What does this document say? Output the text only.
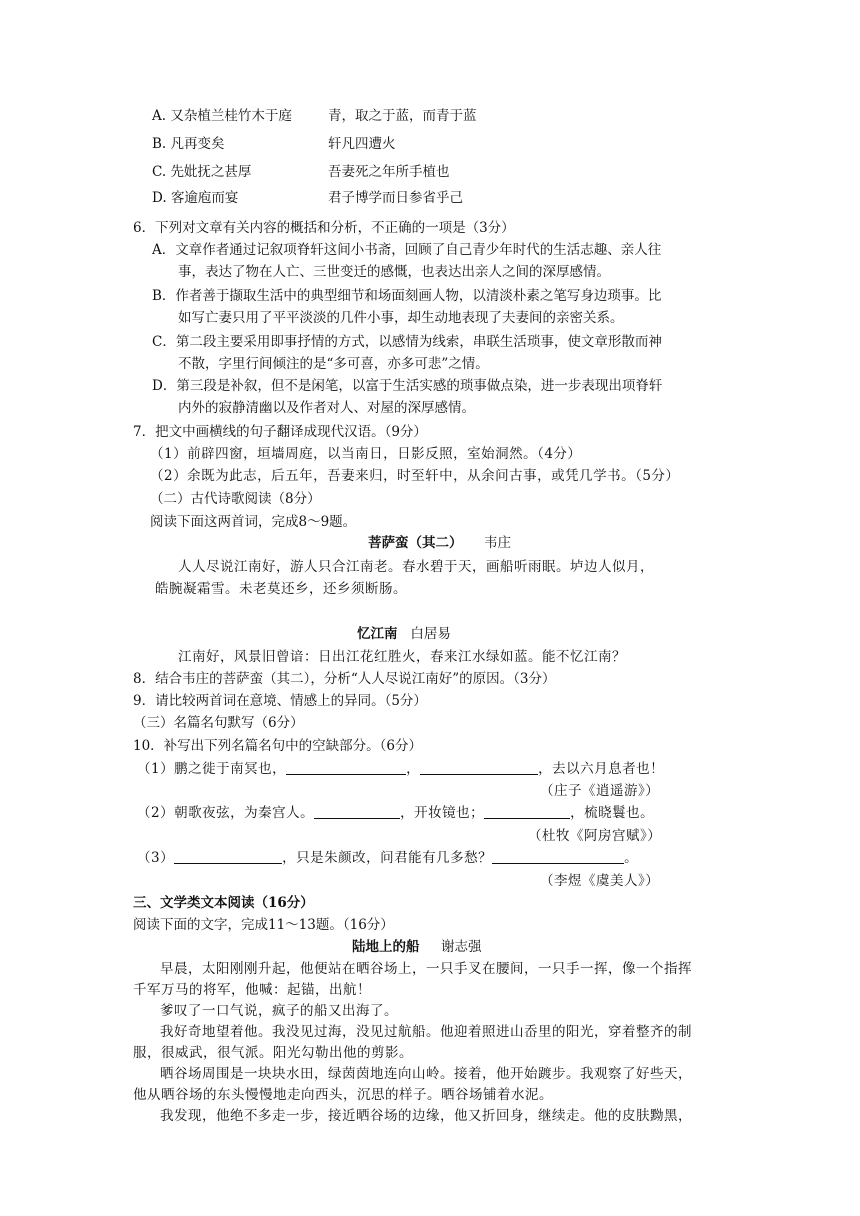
A. 又杂植兰桂竹木于庭	青，取之于蓝，而青于蓝
B. 凡再变矣	轩凡四遭火
C. 先妣抚之甚厚	吾妻死之年所手植也
D. 客逾庖而宴	君子博学而日参省乎己
6．下列对文章有关内容的概括和分析，不正确的一项是（3分）
A．文章作者通过记叙项脊轩这间小书斋，回顾了自己青少年时代的生活志趣、亲人往
事，表达了物在人亡、三世变迁的感慨，也表达出亲人之间的深厚感情。
B．作者善于撷取生活中的典型细节和场面刻画人物，以清淡朴素之笔写身边琐事。比
如写亡妻只用了平平淡淡的几件小事，却生动地表现了夫妻间的亲密关系。
C．第二段主要采用即事抒情的方式，以感情为线索，串联生活琐事，使文章形散而神
不散，字里行间倾注的是“多可喜，亦多可悲”之情。
D．第三段是补叙，但不是闲笔，以富于生活实感的琐事做点染，进一步表现出项脊轩
内外的寂静清幽以及作者对人、对屋的深厚感情。
7．把文中画横线的句子翻译成现代汉语。（9分）
（1）前辟四窗，垣墙周庭，以当南日，日影反照，室始洞然。（4分）
（2）余既为此志，后五年，吾妻来归，时至轩中，从余问古事，或凭几学书。（5分）
（二）古代诗歌阅读（8分）
阅读下面这两首词，完成8～9题。
菩萨蛮（其二） 韦庄
人人尽说江南好，游人只合江南老。春水碧于天，画船听雨眠。垆边人似月，
皓腕凝霜雪。未老莫还乡，还乡须断肠。
忆江南 白居易
江南好，风景旧曾谙：日出江花红胜火，春来江水绿如蓝。能不忆江南？
8．结合韦庄的菩萨蛮（其二），分析“人人尽说江南好”的原因。（3分）
9．请比较两首词在意境、情感上的异同。（5分）
（三）名篇名句默写（6分）
10．补写出下列名篇名句中的空缺部分。（6分）
（1）鹏之徙于南冥也，	，	，去以六月息者也！
（庄子《逍遥游》）
（2）朝歌夜弦，为秦宫人。	，开妆镜也；	，梳晓鬟也。
（杜牧《阿房宫赋》）
（3）	，只是朱颜改，问君能有几多愁？	。
（李煜《虞美人》）
三、文学类文本阅读（16分）
阅读下面的文字，完成11～13题。（16分）
陆地上的船 谢志强
早晨，太阳刚刚升起，他便站在晒谷场上，一只手叉在腰间，一只手一挥，像一个指挥
千军万马的将军，他喊：起锚，出航！
爹叹了一口气说，疯子的船又出海了。
我好奇地望着他。我没见过海，没见过航船。他迎着照进山岙里的阳光，穿着整齐的制
服，很威武，很气派。阳光勾勒出他的剪影。
晒谷场周围是一块块水田，绿茵茵地连向山岭。接着，他开始踱步。我观察了好些天，
他从晒谷场的东头慢慢地走向西头，沉思的样子。晒谷场铺着水泥。
我发现，他绝不多走一步，接近晒谷场的边缘，他又折回身，继续走。他的皮肤黝黑，
